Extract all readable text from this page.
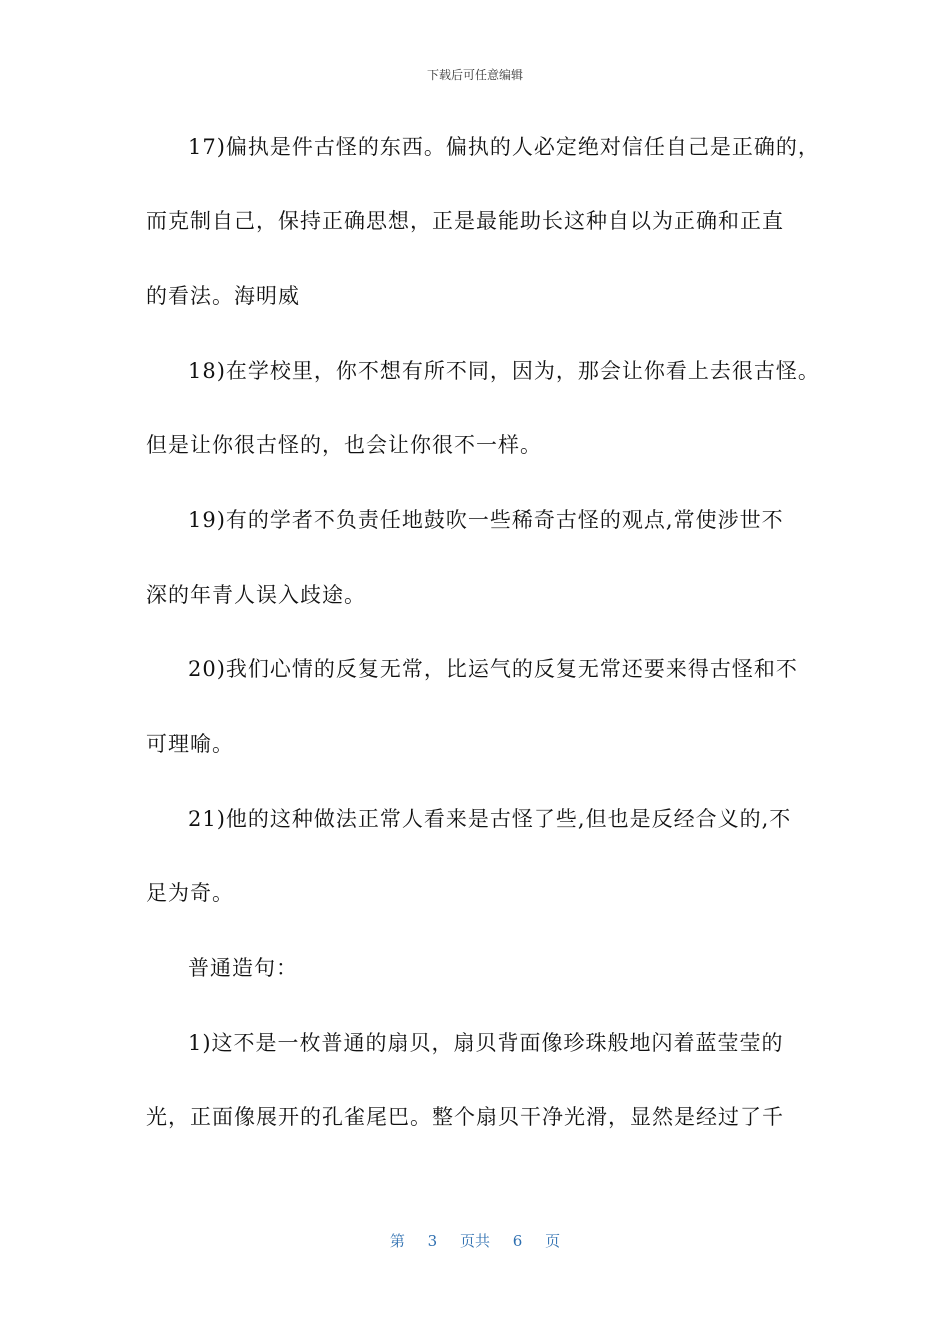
下载后可任意编辑
17)偏执是件古怪的东西。偏执的人必定绝对信任自己是正确的，
而克制自己，保持正确思想，正是最能助长这种自以为正确和正直
的看法。海明威
18)在学校里，你不想有所不同，因为，那会让你看上去很古怪。
但是让你很古怪的，也会让你很不一样。
19)有的学者不负责任地鼓吹一些稀奇古怪的观点,常使涉世不
深的年青人误入歧途。
20)我们心情的反复无常，比运气的反复无常还要来得古怪和不
可理喻。
21)他的这种做法正常人看来是古怪了些,但也是反经合义的,不
足为奇。
普通造句：
1)这不是一枚普通的扇贝，扇贝背面像珍珠般地闪着蓝莹莹的
光，正面像展开的孔雀尾巴。整个扇贝干净光滑，显然是经过了千
第 3 页共 6 页
